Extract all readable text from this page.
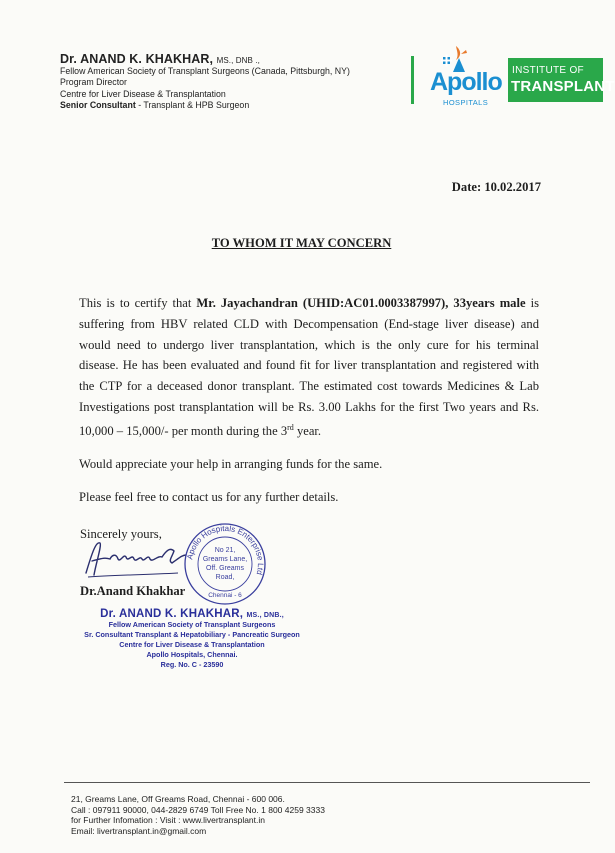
Dr. ANAND K. KHAKHAR, MS., DNB .,
Fellow American Society of Transplant Surgeons (Canada, Pittsburgh, NY)
Program Director
Centre for Liver Disease & Transplantation
Senior Consultant - Transplant & HPB Surgeon
Apollo
HOSPITALS
INSTITUTE OF
TRANSPLANT
Date: 10.02.2017
TO WHOM IT MAY CONCERN
This is to certify that Mr. Jayachandran (UHID:AC01.0003387997), 33years male is suffering from HBV related CLD with Decompensation (End-stage liver disease) and would need to undergo liver transplantation, which is the only cure for his terminal disease. He has been evaluated and found fit for liver transplantation and registered with the CTP for a deceased donor transplant. The estimated cost towards Medicines & Lab Investigations post transplantation will be Rs. 3.00 Lakhs for the first Two years and Rs. 10,000 – 15,000/- per month during the 3rd year.
Would appreciate your help in arranging funds for the same.
Please feel free to contact us for any further details.
Sincerely yours,
Dr.Anand Khakhar
Apollo Hospitals Enterprise Ltd
No 21,
Greams Lane,
Off. Greams
Road,
Chennai - 6
Dr. ANAND K. KHAKHAR, MS., DNB.,
Fellow American Society of Transplant Surgeons
Sr. Consultant Transplant & Hepatobiliary - Pancreatic Surgeon
Centre for Liver Disease & Transplantation
Apollo Hospitals, Chennai.
Reg. No. C - 23590
21, Greams Lane, Off Greams Road, Chennai - 600 006.
Call : 097911 90000, 044-2829 6749 Toll Free No. 1 800 4259 3333
for Further Infomation : Visit : www.livertransplant.in
Email: livertransplant.in@gmail.com
